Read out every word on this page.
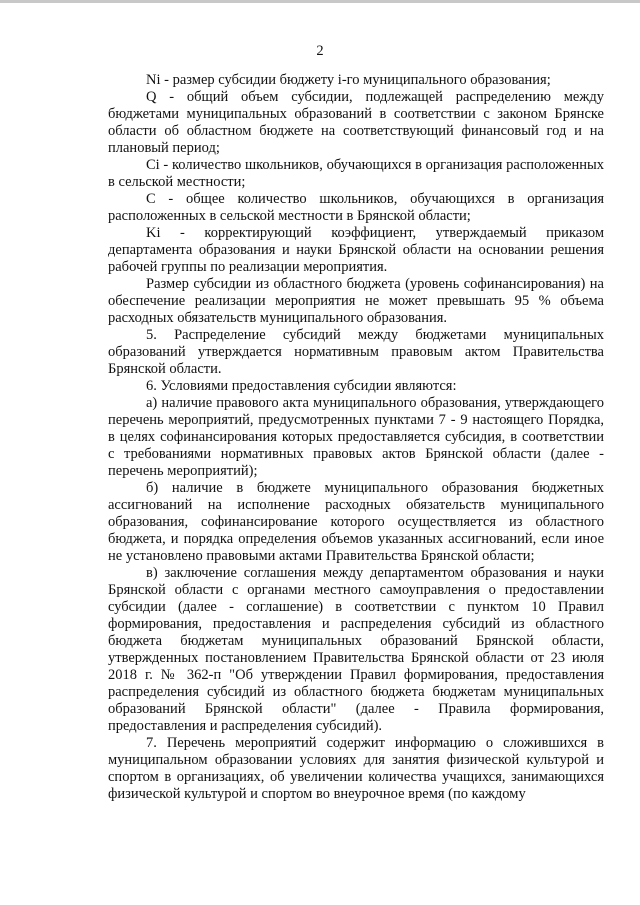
2

Ni - размер субсидии бюджету i-го муниципального образования;

Q - общий объем субсидии, подлежащей распределению между бюджетами муниципальных образований в соответствии с законом Брянске области об областном бюджете на соответствующий финансовый год и на плановый период;

Ci - количество школьников, обучающихся в организация расположенных в сельской местности;

С - общее количество школьников, обучающихся в организация расположенных в сельской местности в Брянской области;

Ki - корректирующий коэффициент, утверждаемый приказом департамента образования и науки Брянской области на основании решения рабочей группы по реализации мероприятия.

Размер субсидии из областного бюджета (уровень софинансирования) на обеспечение реализации мероприятия не может превышать 95 % объема расходных обязательств муниципального образования.

5. Распределение субсидий между бюджетами муниципальных образований утверждается нормативным правовым актом Правительства Брянской области.

6. Условиями предоставления субсидии являются:

а) наличие правового акта муниципального образования, утверждающего перечень мероприятий, предусмотренных пунктами 7 - 9 настоящего Порядка, в целях софинансирования которых предоставляется субсидия, в соответствии с требованиями нормативных правовых актов Брянской области (далее - перечень мероприятий);

б) наличие в бюджете муниципального образования бюджетных ассигнований на исполнение расходных обязательств муниципального образования, софинансирование которого осуществляется из областного бюджета, и порядка определения объемов указанных ассигнований, если иное не установлено правовыми актами Правительства Брянской области;

в) заключение соглашения между департаментом образования и науки Брянской области с органами местного самоуправления о предоставлении субсидии (далее - соглашение) в соответствии с пунктом 10 Правил формирования, предоставления и распределения субсидий из областного бюджета бюджетам муниципальных образований Брянской области, утвержденных постановлением Правительства Брянской области от 23 июля 2018 г. № 362-п "Об утверждении Правил формирования, предоставления распределения субсидий из областного бюджета бюджетам муниципальных образований Брянской области" (далее - Правила формирования, предоставления и распределения субсидий).

7. Перечень мероприятий содержит информацию о сложившихся в муниципальном образовании условиях для занятия физической культурой и спортом в организациях, об увеличении количества учащихся, занимающихся физической культурой и спортом во внеурочное время (по каждому
